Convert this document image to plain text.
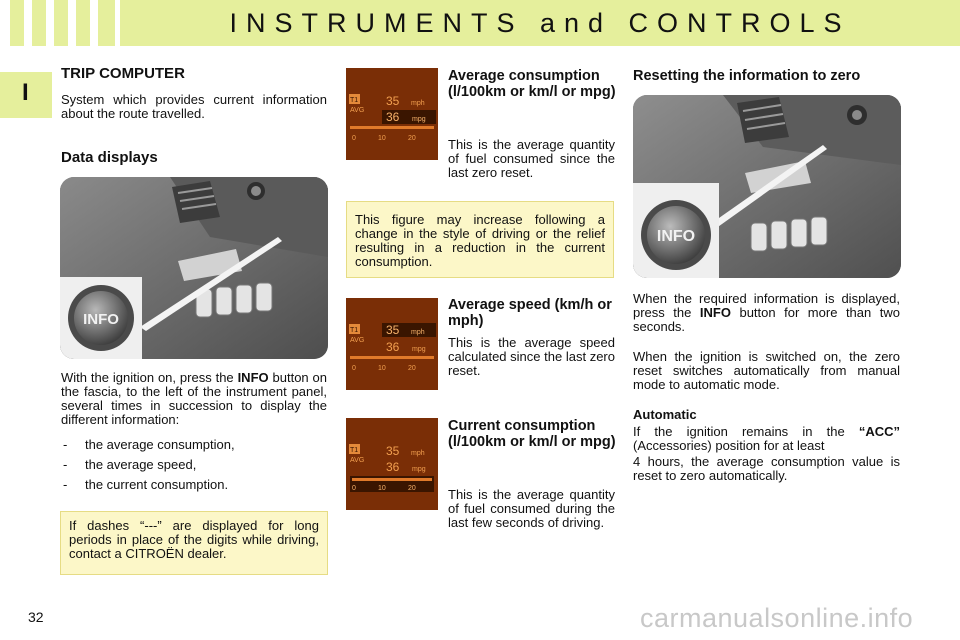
INSTRUMENTS and CONTROLS
I
TRIP COMPUTER
System which provides current information about the route travelled.
Data displays
INFO
With the ignition on, press the INFO button on the fascia, to the left of the instrument panel, several times in succession to display the different information:
- the average consumption,
- the average speed,
- the current consumption.
If dashes “---” are displayed for long periods in place of the digits while driving, contact a CITROËN dealer.
T1
AVG
35 mph
36 mpg
0	10	20
Average consumption (l/100km or km/l or mpg)
This is the average quantity of fuel consumed since the last zero reset.
This figure may increase following a change in the style of driving or the relief resulting in a reduction in the current consumption.
T1
AVG
35 mph
36 mpg
0	10	20
Average speed (km/h or mph)
This is the average speed calculated since the last zero reset.
T1
AVG
35 mph
36 mpg
0	10	20
Current consumption (l/100km or km/l or mpg)
This is the average quantity of fuel consumed during the last few seconds of driving.
Resetting the information to zero
INFO
When the required information is displayed, press the INFO button for more than two seconds.
When the ignition is switched on, the zero reset switches automatically from manual mode to automatic mode.
Automatic
If the ignition remains in the “ACC” (Accessories) position for at least
4 hours, the average consumption value is reset to zero automatically.
32	carmanualsonline.info
